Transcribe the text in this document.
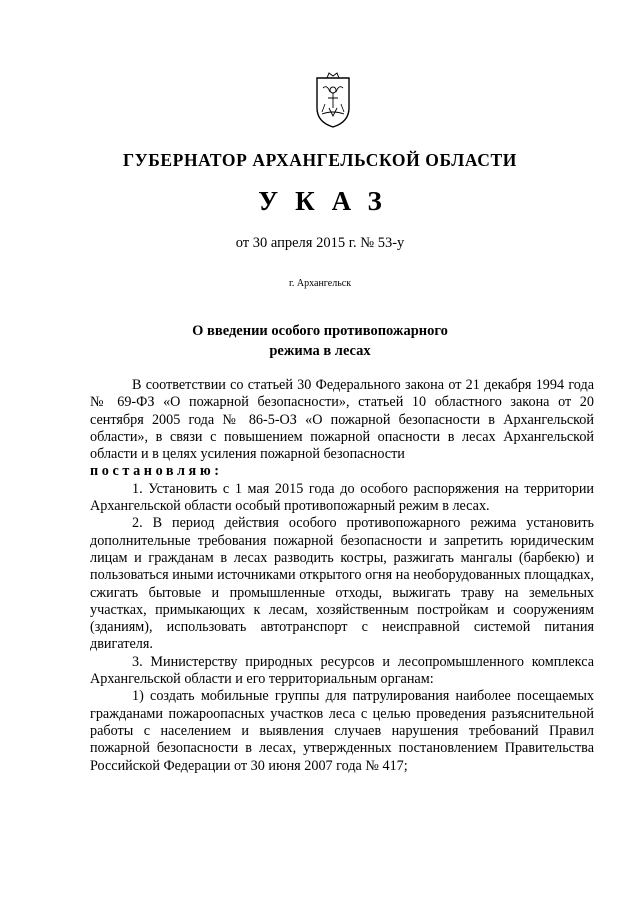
ГУБЕРНАТОР АРХАНГЕЛЬСКОЙ ОБЛАСТИ
УКАЗ
от 30 апреля 2015 г. № 53-у
г. Архангельск
О введении особого противопожарного
режима в лесах

В соответствии со статьей 30 Федерального закона от 21 декабря 1994 года № 69-ФЗ «О пожарной безопасности», статьей 10 областного закона от 20 сентября 2005 года № 86-5-ОЗ «О пожарной безопасности в Архангельской области», в связи с повышением пожарной опасности в лесах Архангельской области и в целях усиления пожарной безопасности

постановляю:

1. Установить с 1 мая 2015 года до особого распоряжения на территории Архангельской области особый противопожарный режим в лесах.

2. В период действия особого противопожарного режима установить дополнительные требования пожарной безопасности и запретить юридическим лицам и гражданам в лесах разводить костры, разжигать мангалы (барбекю) и пользоваться иными источниками открытого огня на необорудованных площадках, сжигать бытовые и промышленные отходы, выжигать траву на земельных участках, примыкающих к лесам, хозяйственным постройкам и сооружениям (зданиям), использовать автотранспорт с неисправной системой питания двигателя.

3. Министерству природных ресурсов и лесопромышленного комплекса Архангельской области и его территориальным органам:

1) создать мобильные группы для патрулирования наиболее посещаемых гражданами пожароопасных участков леса с целью проведения разъяснительной работы с населением и выявления случаев нарушения требований Правил пожарной безопасности в лесах, утвержденных постановлением Правительства Российской Федерации от 30 июня 2007 года № 417;
